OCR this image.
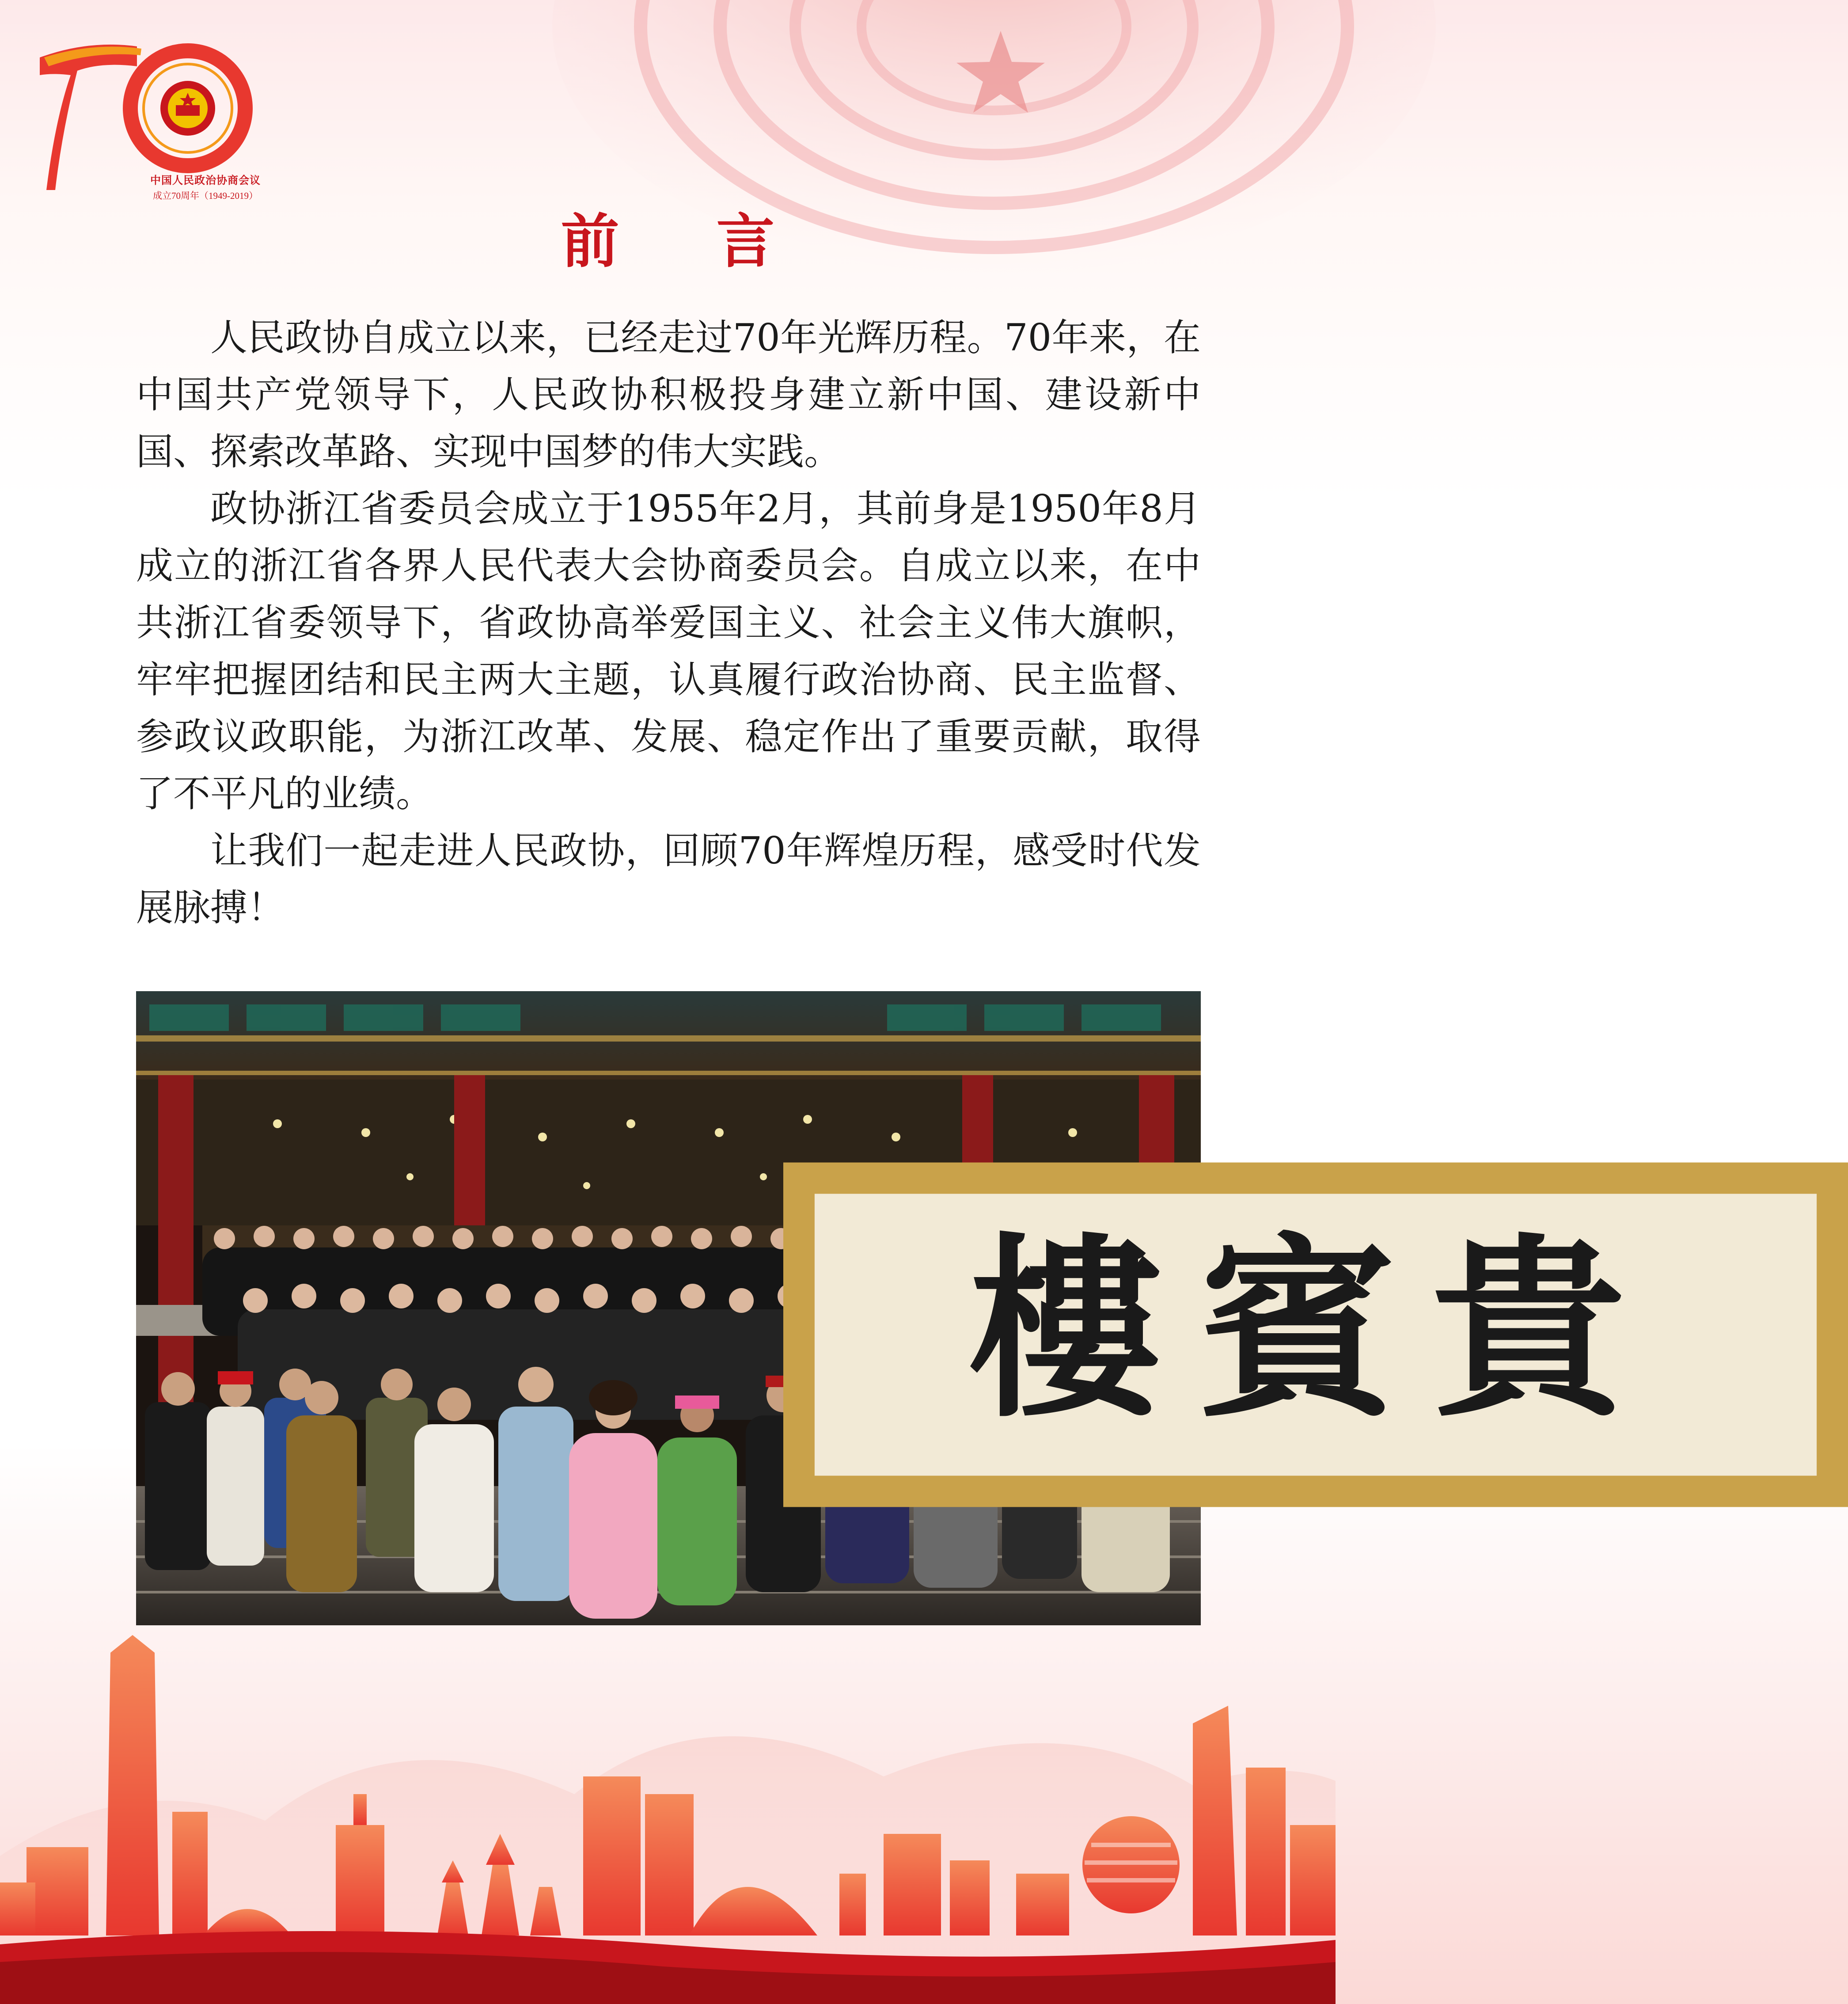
中国人民政治协商会议
成立70周年（1949-2019）
前言

人民政协自成立以来，已经走过70年光辉历程。70年来，在中国共产党领导下，人民政协积极投身建立新中国、建设新中国、探索改革路、实现中国梦的伟大实践。

政协浙江省委员会成立于1955年2月，其前身是1950年8月成立的浙江省各界人民代表大会协商委员会。自成立以来，在中共浙江省委领导下，省政协高举爱国主义、社会主义伟大旗帜，牢牢把握团结和民主两大主题，认真履行政治协商、民主监督、参政议政职能，为浙江改革、发展、稳定作出了重要贡献，取得了不平凡的业绩。

让我们一起走进人民政协，回顾70年辉煌历程，感受时代发展脉搏！

樓賓貴
